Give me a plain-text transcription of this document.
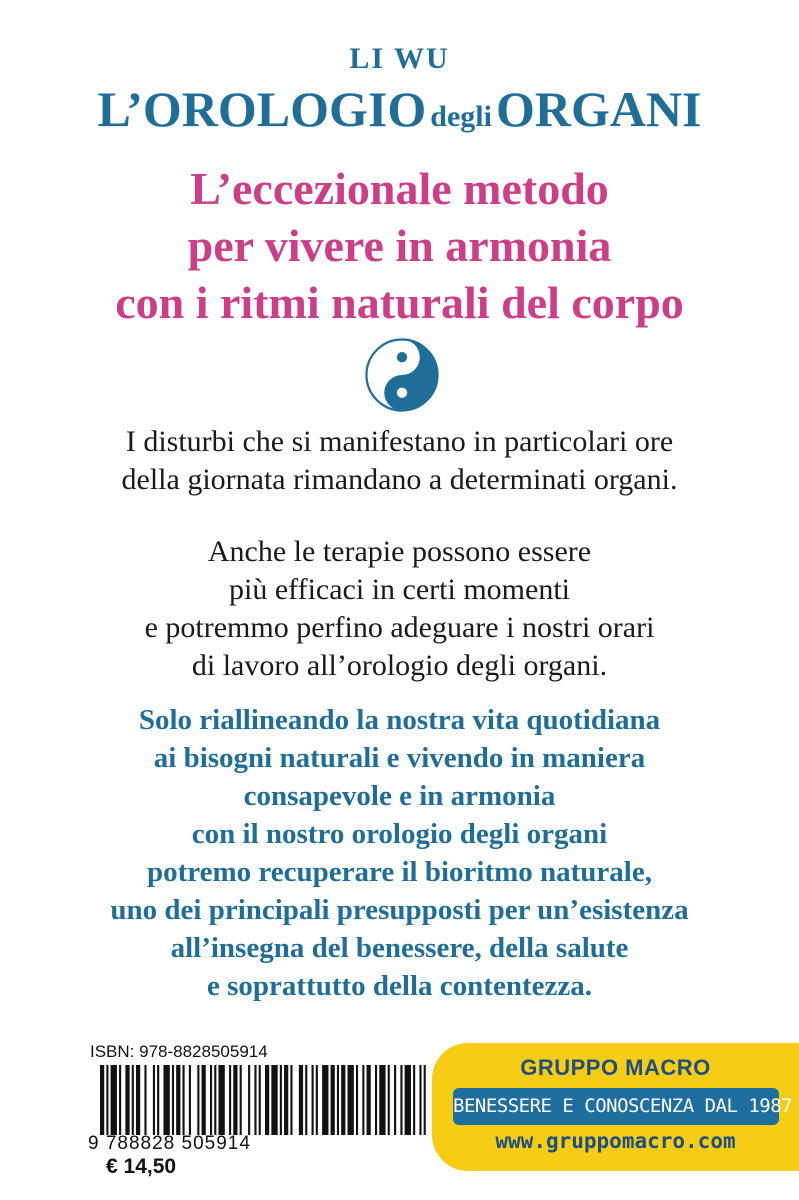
LI WU
L’OROLOGIO degli ORGANI
L’eccezionale metodo
per vivere in armonia
con i ritmi naturali del corpo
I disturbi che si manifestano in particolari ore
della giornata rimandano a determinati organi.
Anche le terapie possono essere
più efficaci in certi momenti
e potremmo perfino adeguare i nostri orari
di lavoro all’orologio degli organi.
Solo riallineando la nostra vita quotidiana
ai bisogni naturali e vivendo in maniera
consapevole e in armonia
con il nostro orologio degli organi
potremo recuperare il bioritmo naturale,
uno dei principali presupposti per un’esistenza
all’insegna del benessere, della salute
e soprattutto della contentezza.
ISBN: 978-8828505914
9 788828 505914
€ 14,50
GRUPPO MACRO
BENESSERE E CONOSCENZA DAL 1987
www.gruppomacro.com
